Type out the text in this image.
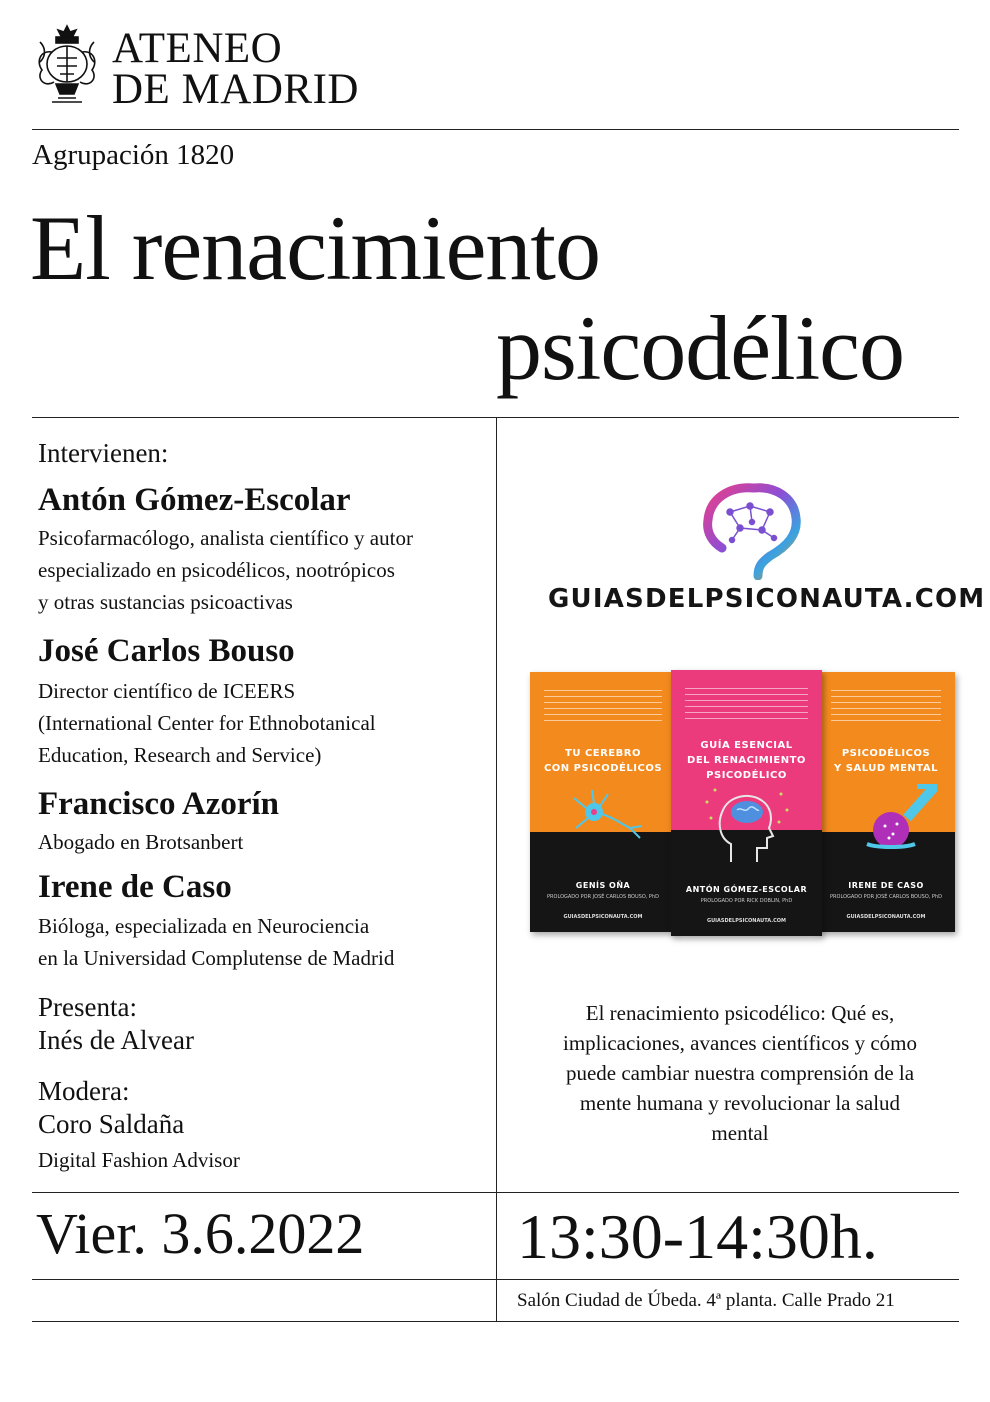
ATENEO
DE MADRID
Agrupación 1820
El renacimiento
psicodélico
Intervienen:
Antón Gómez-Escolar
Psicofarmacólogo, analista científico y autor
especializado en psicodélicos, nootrópicos
y otras sustancias psicoactivas
José Carlos Bouso
Director científico de ICEERS
(International Center for Ethnobotanical
Education, Research and Service)
Francisco Azorín
Abogado en Brotsanbert
Irene de Caso
Bióloga, especializada en Neurociencia
en la Universidad Complutense de Madrid
Presenta:
Inés de Alvear
Modera:
Coro Saldaña
Digital Fashion Advisor
GUIASDELPSICONAUTA.COM
TU CEREBRO
CON PSICODÉLICOS
GENÍS OÑA
PROLOGADO POR JOSÉ CARLOS BOUSO, PhD
GUIASDELPSICONAUTA.COM
PSICODÉLICOS
Y SALUD MENTAL
IRENE DE CASO
PROLOGADO POR JOSÉ CARLOS BOUSO, PhD
GUIASDELPSICONAUTA.COM
GUÍA ESENCIAL
DEL RENACIMIENTO
PSICODÉLICO
ANTÓN GÓMEZ-ESCOLAR
PROLOGADO POR RICK DOBLIN, PhD
GUIASDELPSICONAUTA.COM
El renacimiento psicodélico: Qué es,
implicaciones, avances científicos y cómo
puede cambiar nuestra comprensión de la
mente humana y revolucionar la salud
mental
Vier. 3.6.2022 13:30-14:30h.
Salón Ciudad de Úbeda. 4ª planta. Calle Prado 21
